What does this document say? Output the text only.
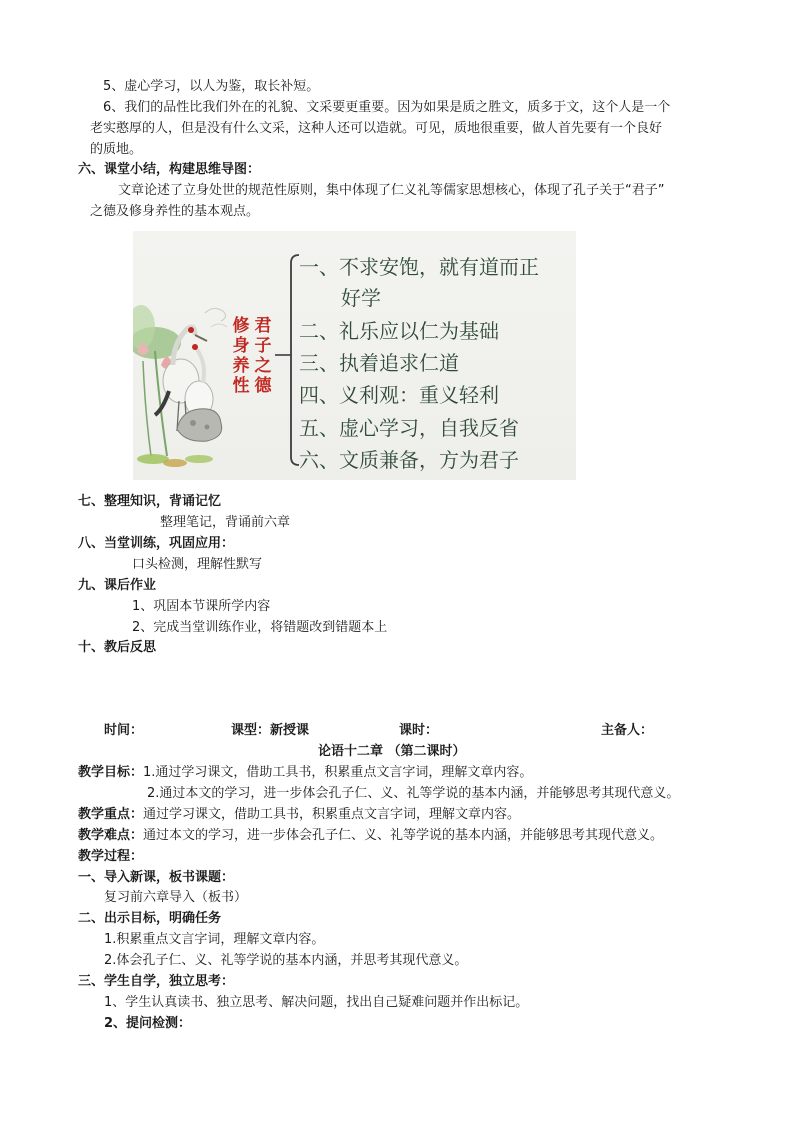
5、虚心学习，以人为鉴，取长补短。
6、我们的品性比我们外在的礼貌、文采要更重要。因为如果是质之胜文，质多于文，这个人是一个
老实憨厚的人，但是没有什么文采，这种人还可以造就。可见，质地很重要，做人首先要有一个良好
的质地。
六、课堂小结，构建思维导图：
文章论述了立身处世的规范性原则，集中体现了仁义礼等儒家思想核心，体现了孔子关于“君子”
之德及修身养性的基本观点。
修身养性
君子之德
一、不求安饱，就有道而正
好学
二、礼乐应以仁为基础
三、执着追求仁道
四、义利观：重义轻利
五、虚心学习，自我反省
六、文质兼备，方为君子
七、整理知识，背诵记忆
整理笔记，背诵前六章
八、当堂训练，巩固应用：
口头检测，理解性默写
九、课后作业
1、巩固本节课所学内容
2、完成当堂训练作业，将错题改到错题本上
十、教后反思
时间：	课型：新授课	课时：	主备人：
论语十二章 （第二课时）
教学目标：1.通过学习课文，借助工具书，积累重点文言字词，理解文章内容。
2.通过本文的学习，进一步体会孔子仁、义、礼等学说的基本内涵，并能够思考其现代意义。
教学重点：通过学习课文，借助工具书，积累重点文言字词，理解文章内容。
教学难点：通过本文的学习，进一步体会孔子仁、义、礼等学说的基本内涵，并能够思考其现代意义。
教学过程：
一、导入新课，板书课题：
复习前六章导入（板书）
二、出示目标，明确任务
1.积累重点文言字词，理解文章内容。
2.体会孔子仁、义、礼等学说的基本内涵，并思考其现代意义。
三、学生自学，独立思考：
1、学生认真读书、独立思考、解决问题，找出自己疑难问题并作出标记。
2、提问检测：
